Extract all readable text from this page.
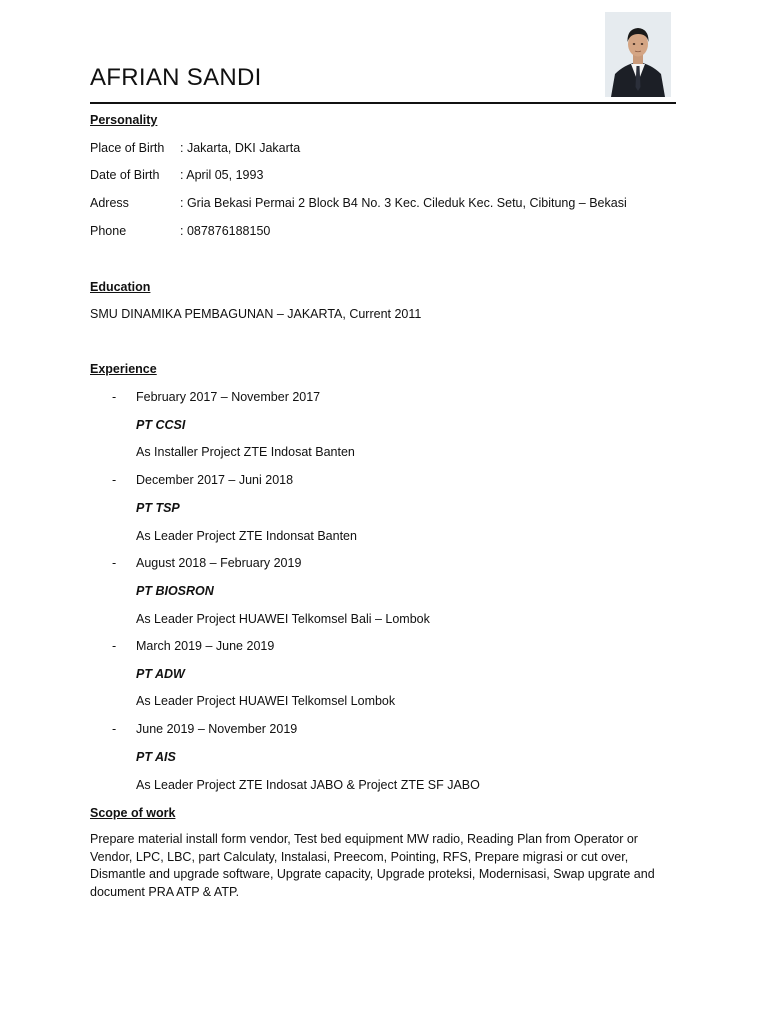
AFRIAN SANDI
Personality
Place of Birth : Jakarta, DKI Jakarta
Date of Birth : April 05, 1993
Adress	: Gria Bekasi Permai 2 Block B4 No. 3 Kec. Cileduk Kec. Setu, Cibitung – Bekasi
Phone	: 087876188150
Education
SMU DINAMIKA PEMBAGUNAN – JAKARTA, Current 2011
Experience
- February 2017 – November 2017
PT CCSI
As Installer Project ZTE Indosat Banten
- December 2017 – Juni 2018
PT TSP
As Leader Project ZTE Indonsat Banten
- August 2018 – February 2019
PT BIOSRON
As Leader Project HUAWEI Telkomsel Bali – Lombok
- March 2019 – June 2019
PT ADW
As Leader Project HUAWEI Telkomsel Lombok
- June 2019 – November 2019
PT AIS
As Leader Project ZTE Indosat JABO & Project ZTE SF JABO
Scope of work
Prepare material install form vendor, Test bed equipment MW radio, Reading Plan from Operator or Vendor, LPC, LBC, part Calculaty, Instalasi, Preecom, Pointing, RFS, Prepare migrasi or cut over, Dismantle and upgrade software, Upgrate capacity, Upgrade proteksi, Modernisasi, Swap upgrate and document PRA ATP & ATP.
